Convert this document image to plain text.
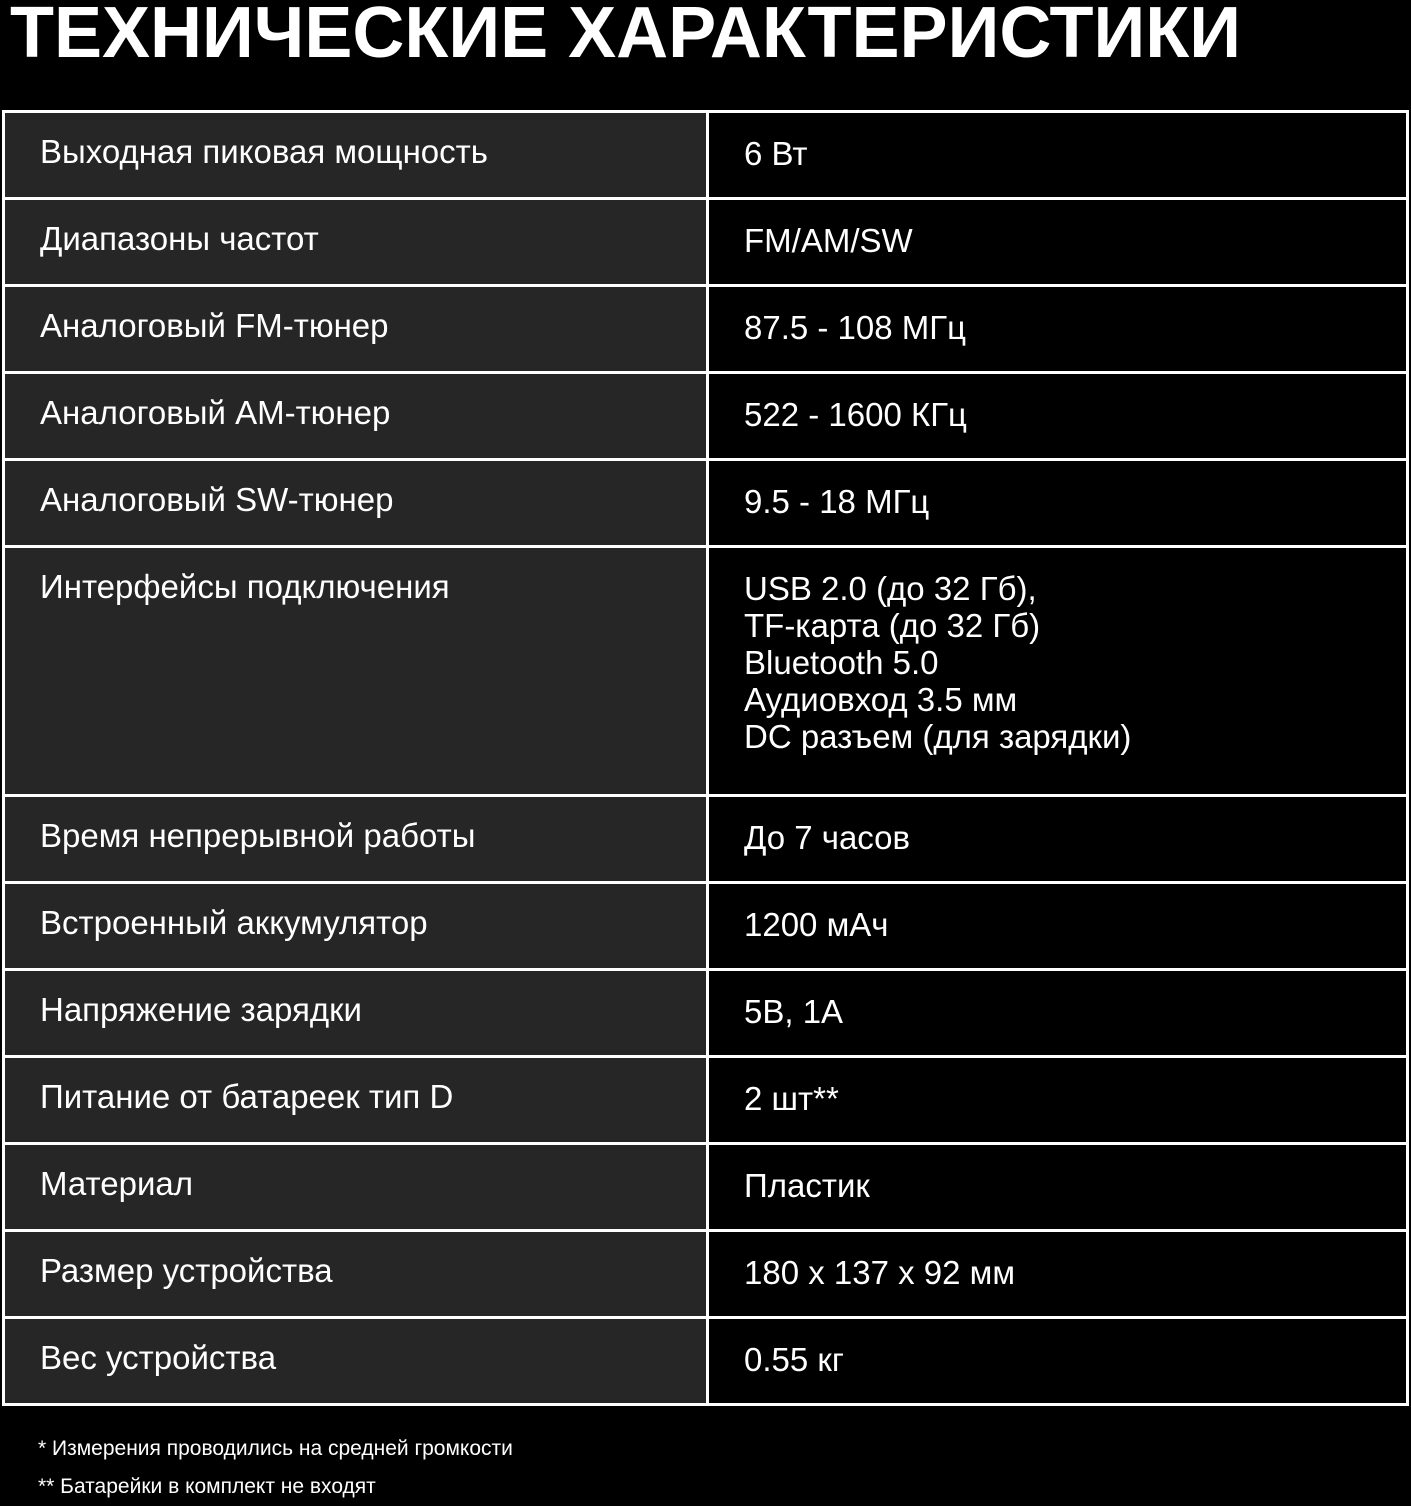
ТЕХНИЧЕСКИЕ ХАРАКТЕРИСТИКИ
Выходная пиковая мощность	6 Вт

Диапазоны частот	FM/AM/SW

Аналоговый FM-тюнер	87.5 - 108 МГц

Аналоговый АМ-тюнер	522 - 1600 КГц

Аналоговый SW-тюнер	9.5 - 18 МГц

Интерфейсы подключения	USB 2.0 (до 32 Гб),
TF-карта (до 32 Гб)
Bluetooth 5.0
Аудиовход 3.5 мм
DC разъем (для зарядки)

Время непрерывной работы	До 7 часов

Встроенный аккумулятор	1200 мАч

Напряжение зарядки	5В, 1А

Питание от батареек тип D	2 шт**

Материал	Пластик

Размер устройства	180 х 137 х 92 мм

Вес устройства	0.55 кг
* Измерения проводились на средней громкости
** Батарейки в комплект не входят
